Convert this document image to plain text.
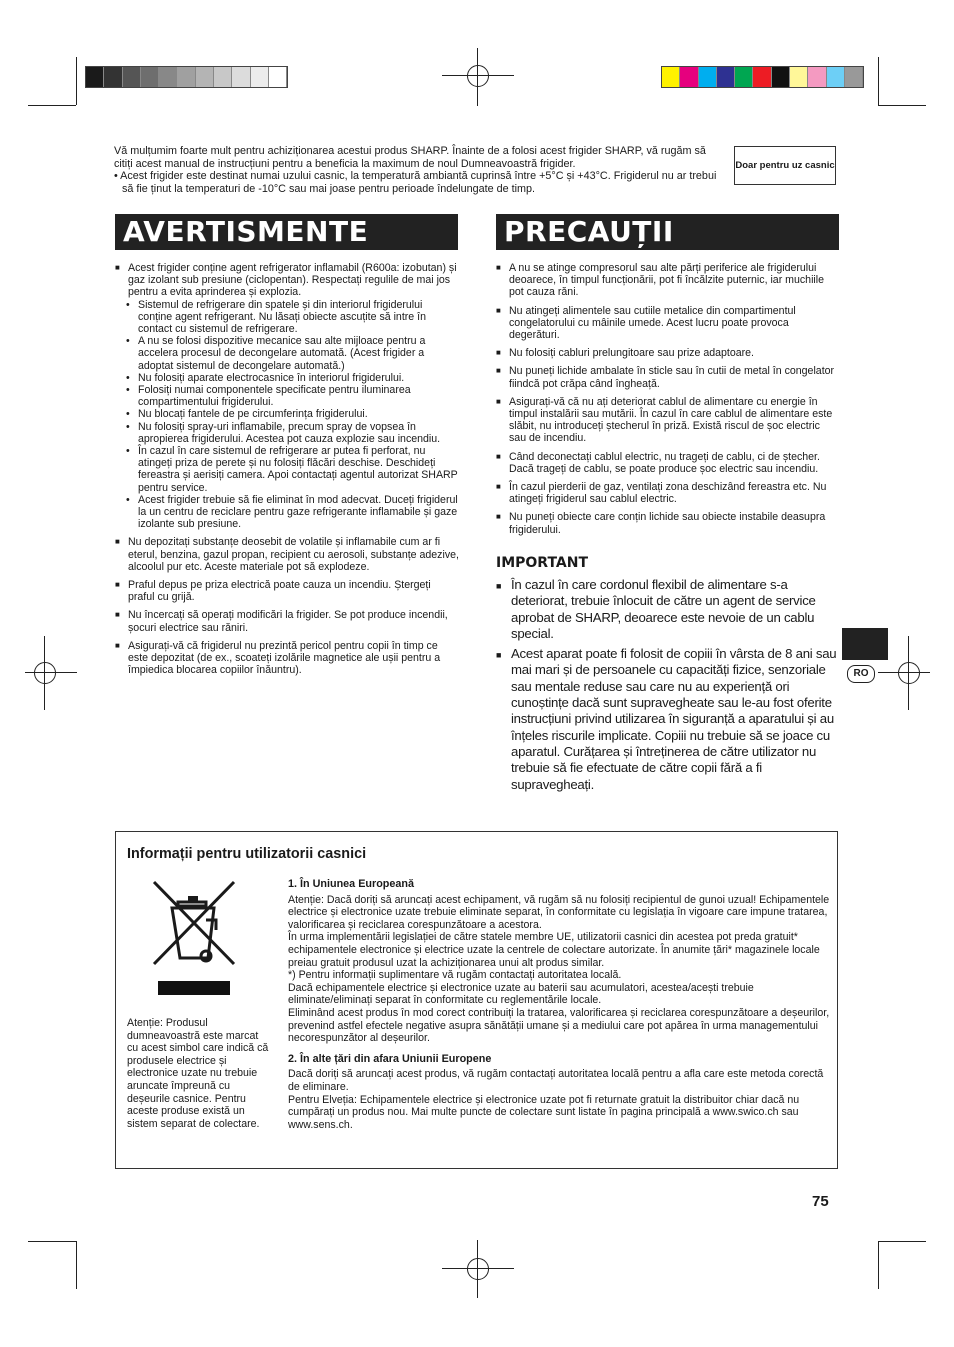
Vă mulțumim foarte mult pentru achiziționarea acestui produs SHARP. Înainte de a folosi acest frigider SHARP, vă rugăm să citiți acest manual de instrucțiuni pentru a beneficia la maximum de noul Dumneavoastră frigider.

• Acest frigider este destinat numai uzului casnic, la temperatură ambiantă cuprinsă între +5°C și +43°C. Frigiderul nu ar trebui să fie ținut la temperaturi de -10°C sau mai joase pentru perioade îndelungate de timp.

Doar pentru uz casnic
AVERTISMENTE
■ Acest frigider conține agent refrigerator inflamabil (R600a: izobutan) și gaz izolant sub presiune (ciclopentan). Respectați regulile de mai jos pentru a evita aprinderea și explozia.
• Sistemul de refrigerare din spatele și din interiorul frigiderului conține agent refrigerant. Nu lăsați obiecte ascuțite să intre în contact cu sistemul de refrigerare.
• A nu se folosi dispozitive mecanice sau alte mijloace pentru a accelera procesul de decongelare automată. (Acest frigider a adoptat sistemul de decongelare automată.)
• Nu folosiți aparate electrocasnice în interiorul frigiderului.
• Folosiți numai componentele specificate pentru iluminarea compartimentului frigiderului.
• Nu blocați fantele de pe circumferința frigiderului.
• Nu folosiți spray-uri inflamabile, precum spray de vopsea în apropierea frigiderului. Acestea pot cauza explozie sau incendiu.
• În cazul în care sistemul de refrigerare ar putea fi perforat, nu atingeți priza de perete și nu folosiți flăcări deschise. Deschideți fereastra și aerisiți camera. Apoi contactați agentul autorizat SHARP pentru service.
• Acest frigider trebuie să fie eliminat în mod adecvat. Duceți frigiderul la un centru de reciclare pentru gaze refrigerante inflamabile și gaze izolante sub presiune.
■ Nu depozitați substanțe deosebit de volatile și inflamabile cum ar fi eterul, benzina, gazul propan, recipient cu aerosoli, substanțe adezive, alcoolul pur etc. Aceste materiale pot să explodeze.
■ Praful depus pe priza electrică poate cauza un incendiu. Ștergeți praful cu grijă.
■ Nu încercați să operați modificări la frigider. Se pot produce incendii, șocuri electrice sau răniri.
■ Asigurați-vă că frigiderul nu prezintă pericol pentru copii în timp ce este depozitat (de ex., scoateți izolările magnetice ale ușii pentru a împiedica blocarea copiilor înăuntru).
PRECAUȚII
■ A nu se atinge compresorul sau alte părți periferice ale frigiderului deoarece, în timpul funcționării, pot fi încălzite puternic, iar muchiile pot cauza răni.
■ Nu atingeți alimentele sau cutiile metalice din compartimentul congelatorului cu mâinile umede. Acest lucru poate provoca degerături.
■ Nu folosiți cabluri prelungitoare sau prize adaptoare.
■ Nu puneți lichide ambalate în sticle sau în cutii de metal în congelator fiindcă pot crăpa când îngheață.
■ Asigurați-vă că nu ați deteriorat cablul de alimentare cu energie în timpul instalării sau mutării. În cazul în care cablul de alimentare este slăbit, nu introduceți ștecherul în priză. Există riscul de șoc electric sau de incendiu.
■ Când deconectați cablul electric, nu trageți de cablu, ci de ștecher. Dacă trageți de cablu, se poate produce șoc electric sau incendiu.
■ În cazul pierderii de gaz, ventilați zona deschizând fereastra etc. Nu atingeți frigiderul sau cablul electric.
■ Nu puneți obiecte care conțin lichide sau obiecte instabile deasupra frigiderului.
IMPORTANT
■ În cazul în care cordonul flexibil de alimentare s-a deteriorat, trebuie înlocuit de către un agent de service aprobat de SHARP, deoarece este nevoie de un cablu special.
■ Acest aparat poate fi folosit de copiii în vârsta de 8 ani sau mai mari și de persoanele cu capacități fizice, senzoriale sau mentale reduse sau care nu au experiență ori cunoștințe dacă sunt supravegheate sau le-au fost oferite instrucțiuni privind utilizarea în siguranță a aparatului și au înțeles riscurile implicate. Copiii nu trebuie să se joace cu aparatul. Curățarea și întreținerea de către utilizator nu trebuie să fie efectuate de către copii fără a fi supravegheați.
Informații pentru utilizatorii casnici
Atenție: Produsul dumneavoastră este marcat cu acest simbol care indică că produsele electrice și electronice uzate nu trebuie aruncate împreună cu deșeurile casnice. Pentru aceste produse există un sistem separat de colectare.
1. În Uniunea Europeană

Atenție: Dacă doriți să aruncați acest echipament, vă rugăm să nu folosiți recipientul de gunoi uzual! Echipamentele electrice și electronice uzate trebuie eliminate separat, în conformitate cu legislația în vigoare care impune tratarea, valorificarea și reciclarea corespunzătoare a acestora.

În urma implementării legislației de către statele membre UE, utilizatorii casnici din acestea pot preda gratuit* echipamentele electronice și electrice uzate la centrele de colectare autorizate. În anumite țări* magazinele locale preiau gratuit produsul uzat la achiziționarea unui alt produs similar.

*) Pentru informații suplimentare vă rugăm contactați autoritatea locală.

Dacă echipamentele electrice și electronice uzate au baterii sau acumulatori, acestea/acești trebuie eliminate/eliminați separat în conformitate cu reglementările locale.

Eliminând acest produs în mod corect contribuiți la tratarea, valorificarea și reciclarea corespunzătoare a deșeurilor, prevenind astfel efectele negative asupra sănătății umane și a mediului care pot apărea în urma managementului necorespunzător al deșeurilor.

2. În alte țări din afara Uniunii Europene

Dacă doriți să aruncați acest produs, vă rugăm contactați autoritatea locală pentru a afla care este metoda corectă de eliminare.

Pentru Elveția: Echipamentele electrice și electronice uzate pot fi returnate gratuit la distribuitor chiar dacă nu cumpărați un produs nou. Mai multe puncte de colectare sunt listate în pagina principală a www.swico.ch sau www.sens.ch.

RO
75
